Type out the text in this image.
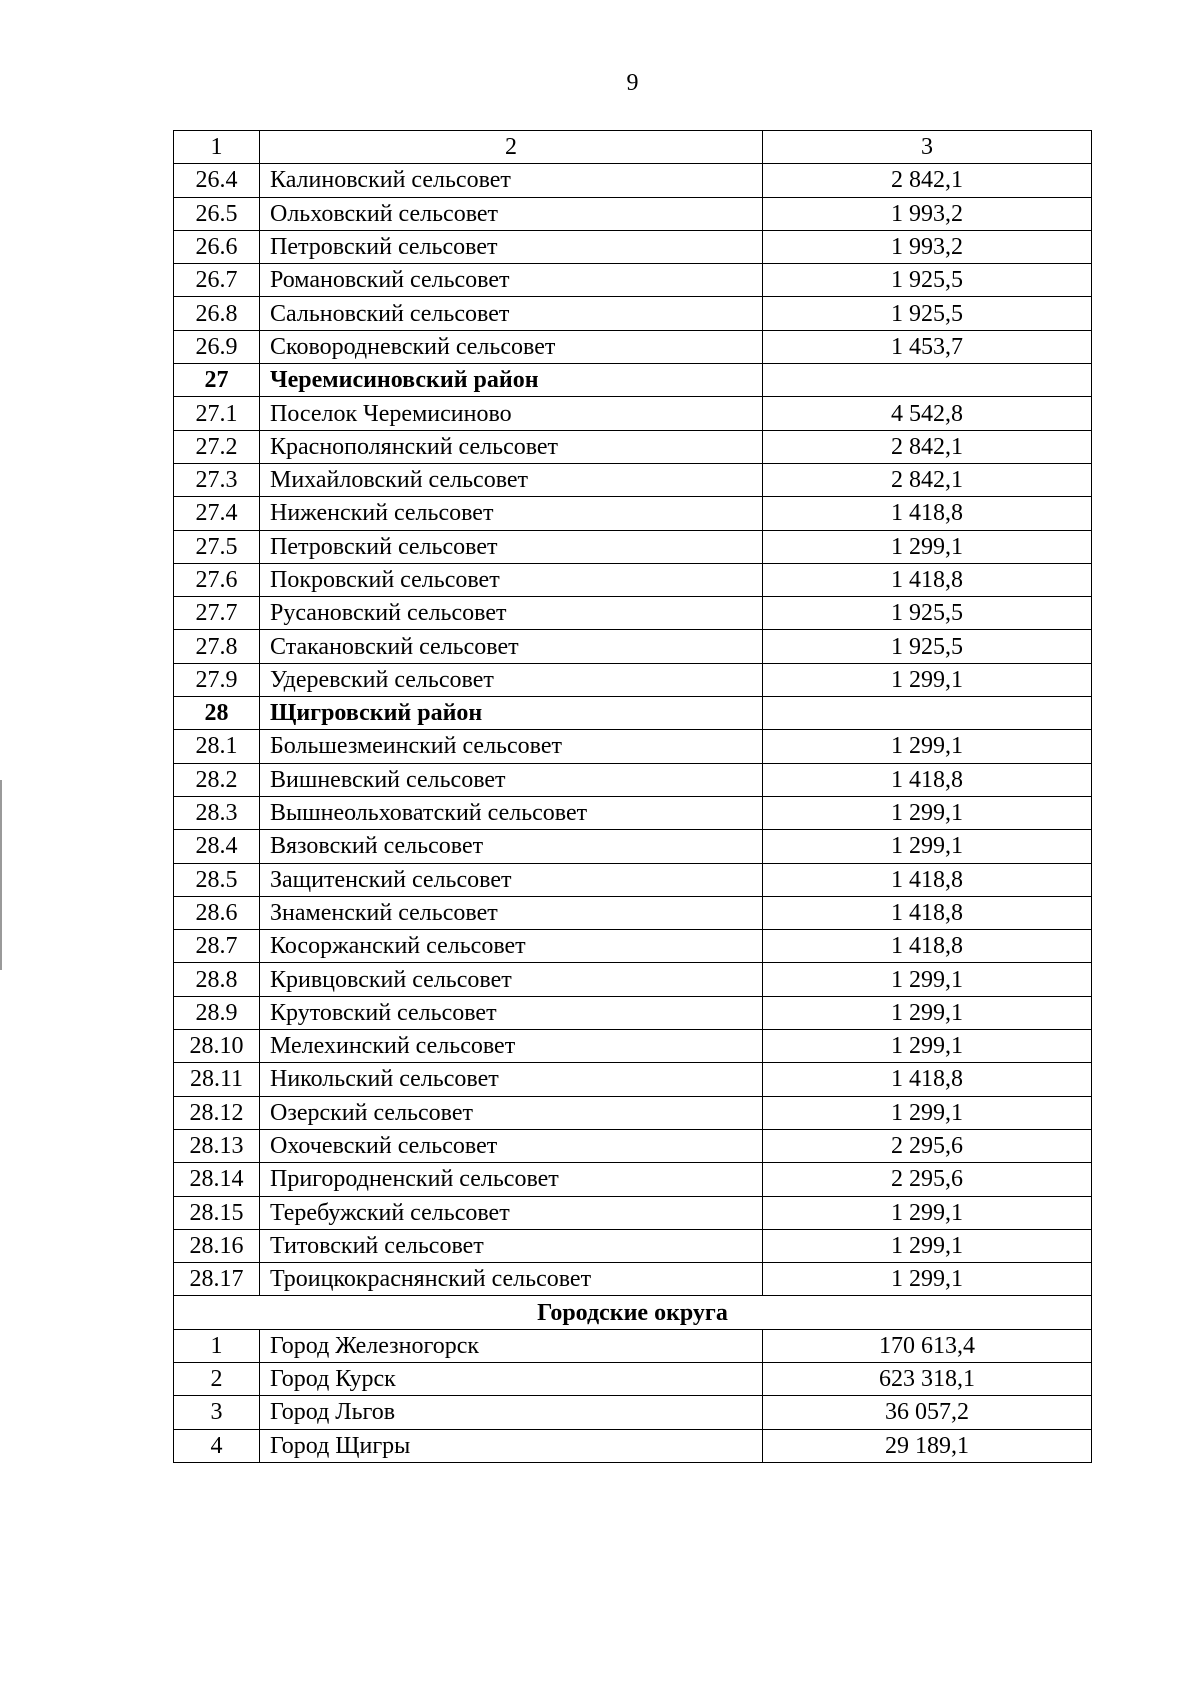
9
1	2	3
26.4	Калиновский сельсовет	2 842,1
26.5	Ольховский сельсовет	1 993,2
26.6	Петровский сельсовет	1 993,2
26.7	Романовский сельсовет	1 925,5
26.8	Сальновский сельсовет	1 925,5
26.9	Сковородневский сельсовет	1 453,7
27	Черемисиновский район	
27.1	Поселок Черемисиново	4 542,8
27.2	Краснополянский сельсовет	2 842,1
27.3	Михайловский сельсовет	2 842,1
27.4	Ниженский сельсовет	1 418,8
27.5	Петровский сельсовет	1 299,1
27.6	Покровский сельсовет	1 418,8
27.7	Русановский сельсовет	1 925,5
27.8	Стакановский сельсовет	1 925,5
27.9	Удеревский сельсовет	1 299,1
28	Щигровский район	
28.1	Большезмеинский сельсовет	1 299,1
28.2	Вишневский сельсовет	1 418,8
28.3	Вышнеольховатский сельсовет	1 299,1
28.4	Вязовский сельсовет	1 299,1
28.5	Защитенский сельсовет	1 418,8
28.6	Знаменский сельсовет	1 418,8
28.7	Косоржанский сельсовет	1 418,8
28.8	Кривцовский сельсовет	1 299,1
28.9	Крутовский сельсовет	1 299,1
28.10	Мелехинский сельсовет	1 299,1
28.11	Никольский сельсовет	1 418,8
28.12	Озерский сельсовет	1 299,1
28.13	Охочевский сельсовет	2 295,6
28.14	Пригородненский сельсовет	2 295,6
28.15	Теребужский сельсовет	1 299,1
28.16	Титовский сельсовет	1 299,1
28.17	Троицкокраснянский сельсовет	1 299,1
Городские округа		
1	Город Железногорск	170 613,4
2	Город Курск	623 318,1
3	Город Льгов	36 057,2
4	Город Щигры	29 189,1
